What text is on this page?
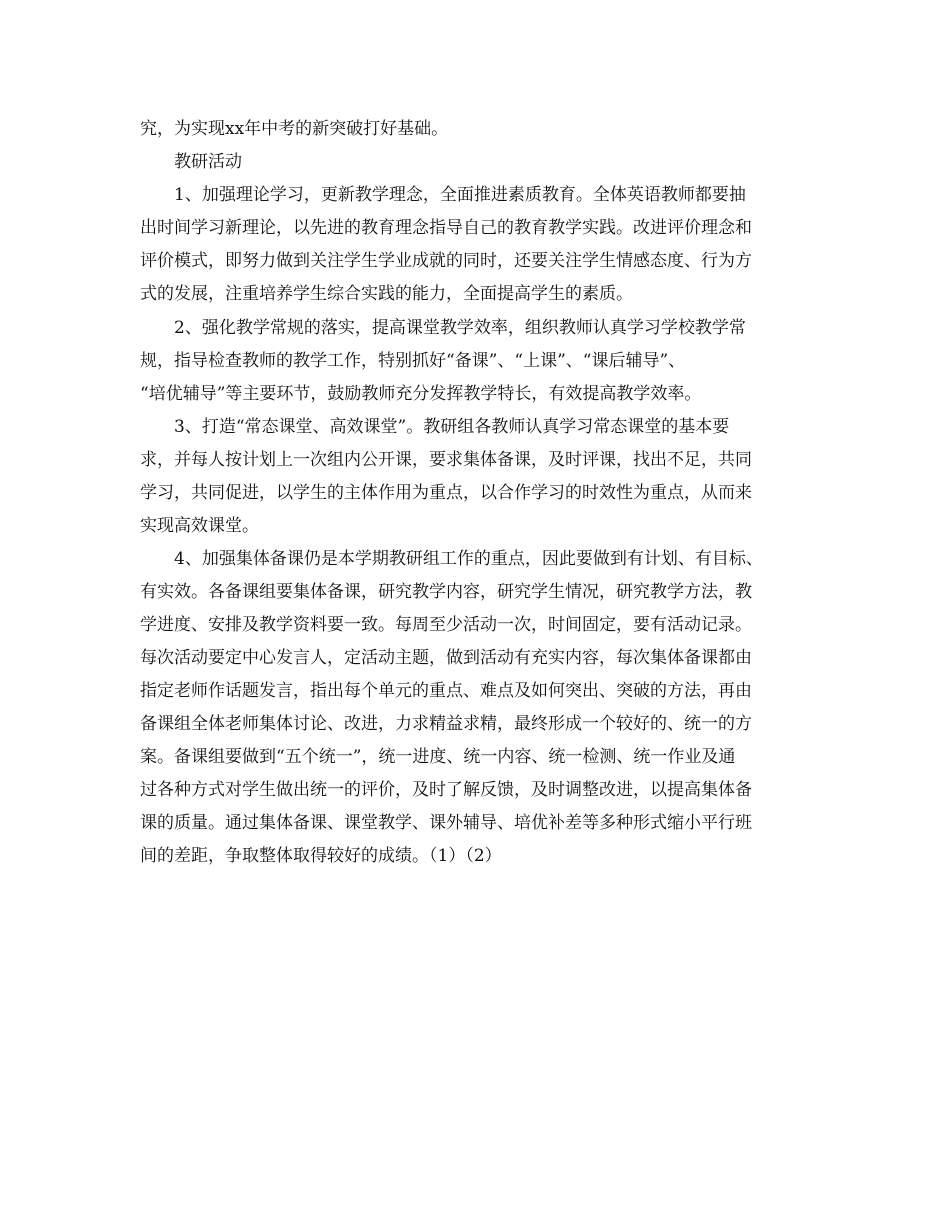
究，为实现xx年中考的新突破打好基础。

教研活动

1、加强理论学习，更新教学理念，全面推进素质教育。全体英语教师都要抽

出时间学习新理论，以先进的教育理念指导自己的教育教学实践。改进评价理念和

评价模式，即努力做到关注学生学业成就的同时，还要关注学生情感态度、行为方

式的发展，注重培养学生综合实践的能力，全面提高学生的素质。

2、强化教学常规的落实，提高课堂教学效率，组织教师认真学习学校教学常

规，指导检查教师的教学工作，特别抓好“备课”、“上课”、“课后辅导”、

“培优辅导”等主要环节，鼓励教师充分发挥教学特长，有效提高教学效率。

3、打造“常态课堂、高效课堂”。教研组各教师认真学习常态课堂的基本要

求，并每人按计划上一次组内公开课，要求集体备课，及时评课，找出不足，共同

学习，共同促进，以学生的主体作用为重点，以合作学习的时效性为重点，从而来

实现高效课堂。

4、加强集体备课仍是本学期教研组工作的重点，因此要做到有计划、有目标、

有实效。各备课组要集体备课，研究教学内容，研究学生情况，研究教学方法，教

学进度、安排及教学资料要一致。每周至少活动一次，时间固定，要有活动记录。

每次活动要定中心发言人，定活动主题，做到活动有充实内容，每次集体备课都由

指定老师作话题发言，指出每个单元的重点、难点及如何突出、突破的方法，再由

备课组全体老师集体讨论、改进，力求精益求精，最终形成一个较好的、统一的方

案。备课组要做到“五个统一”，统一进度、统一内容、统一检测、统一作业及通

过各种方式对学生做出统一的评价，及时了解反馈，及时调整改进，以提高集体备

课的质量。通过集体备课、课堂教学、课外辅导、培优补差等多种形式缩小平行班

间的差距，争取整体取得较好的成绩。（1）（2）
